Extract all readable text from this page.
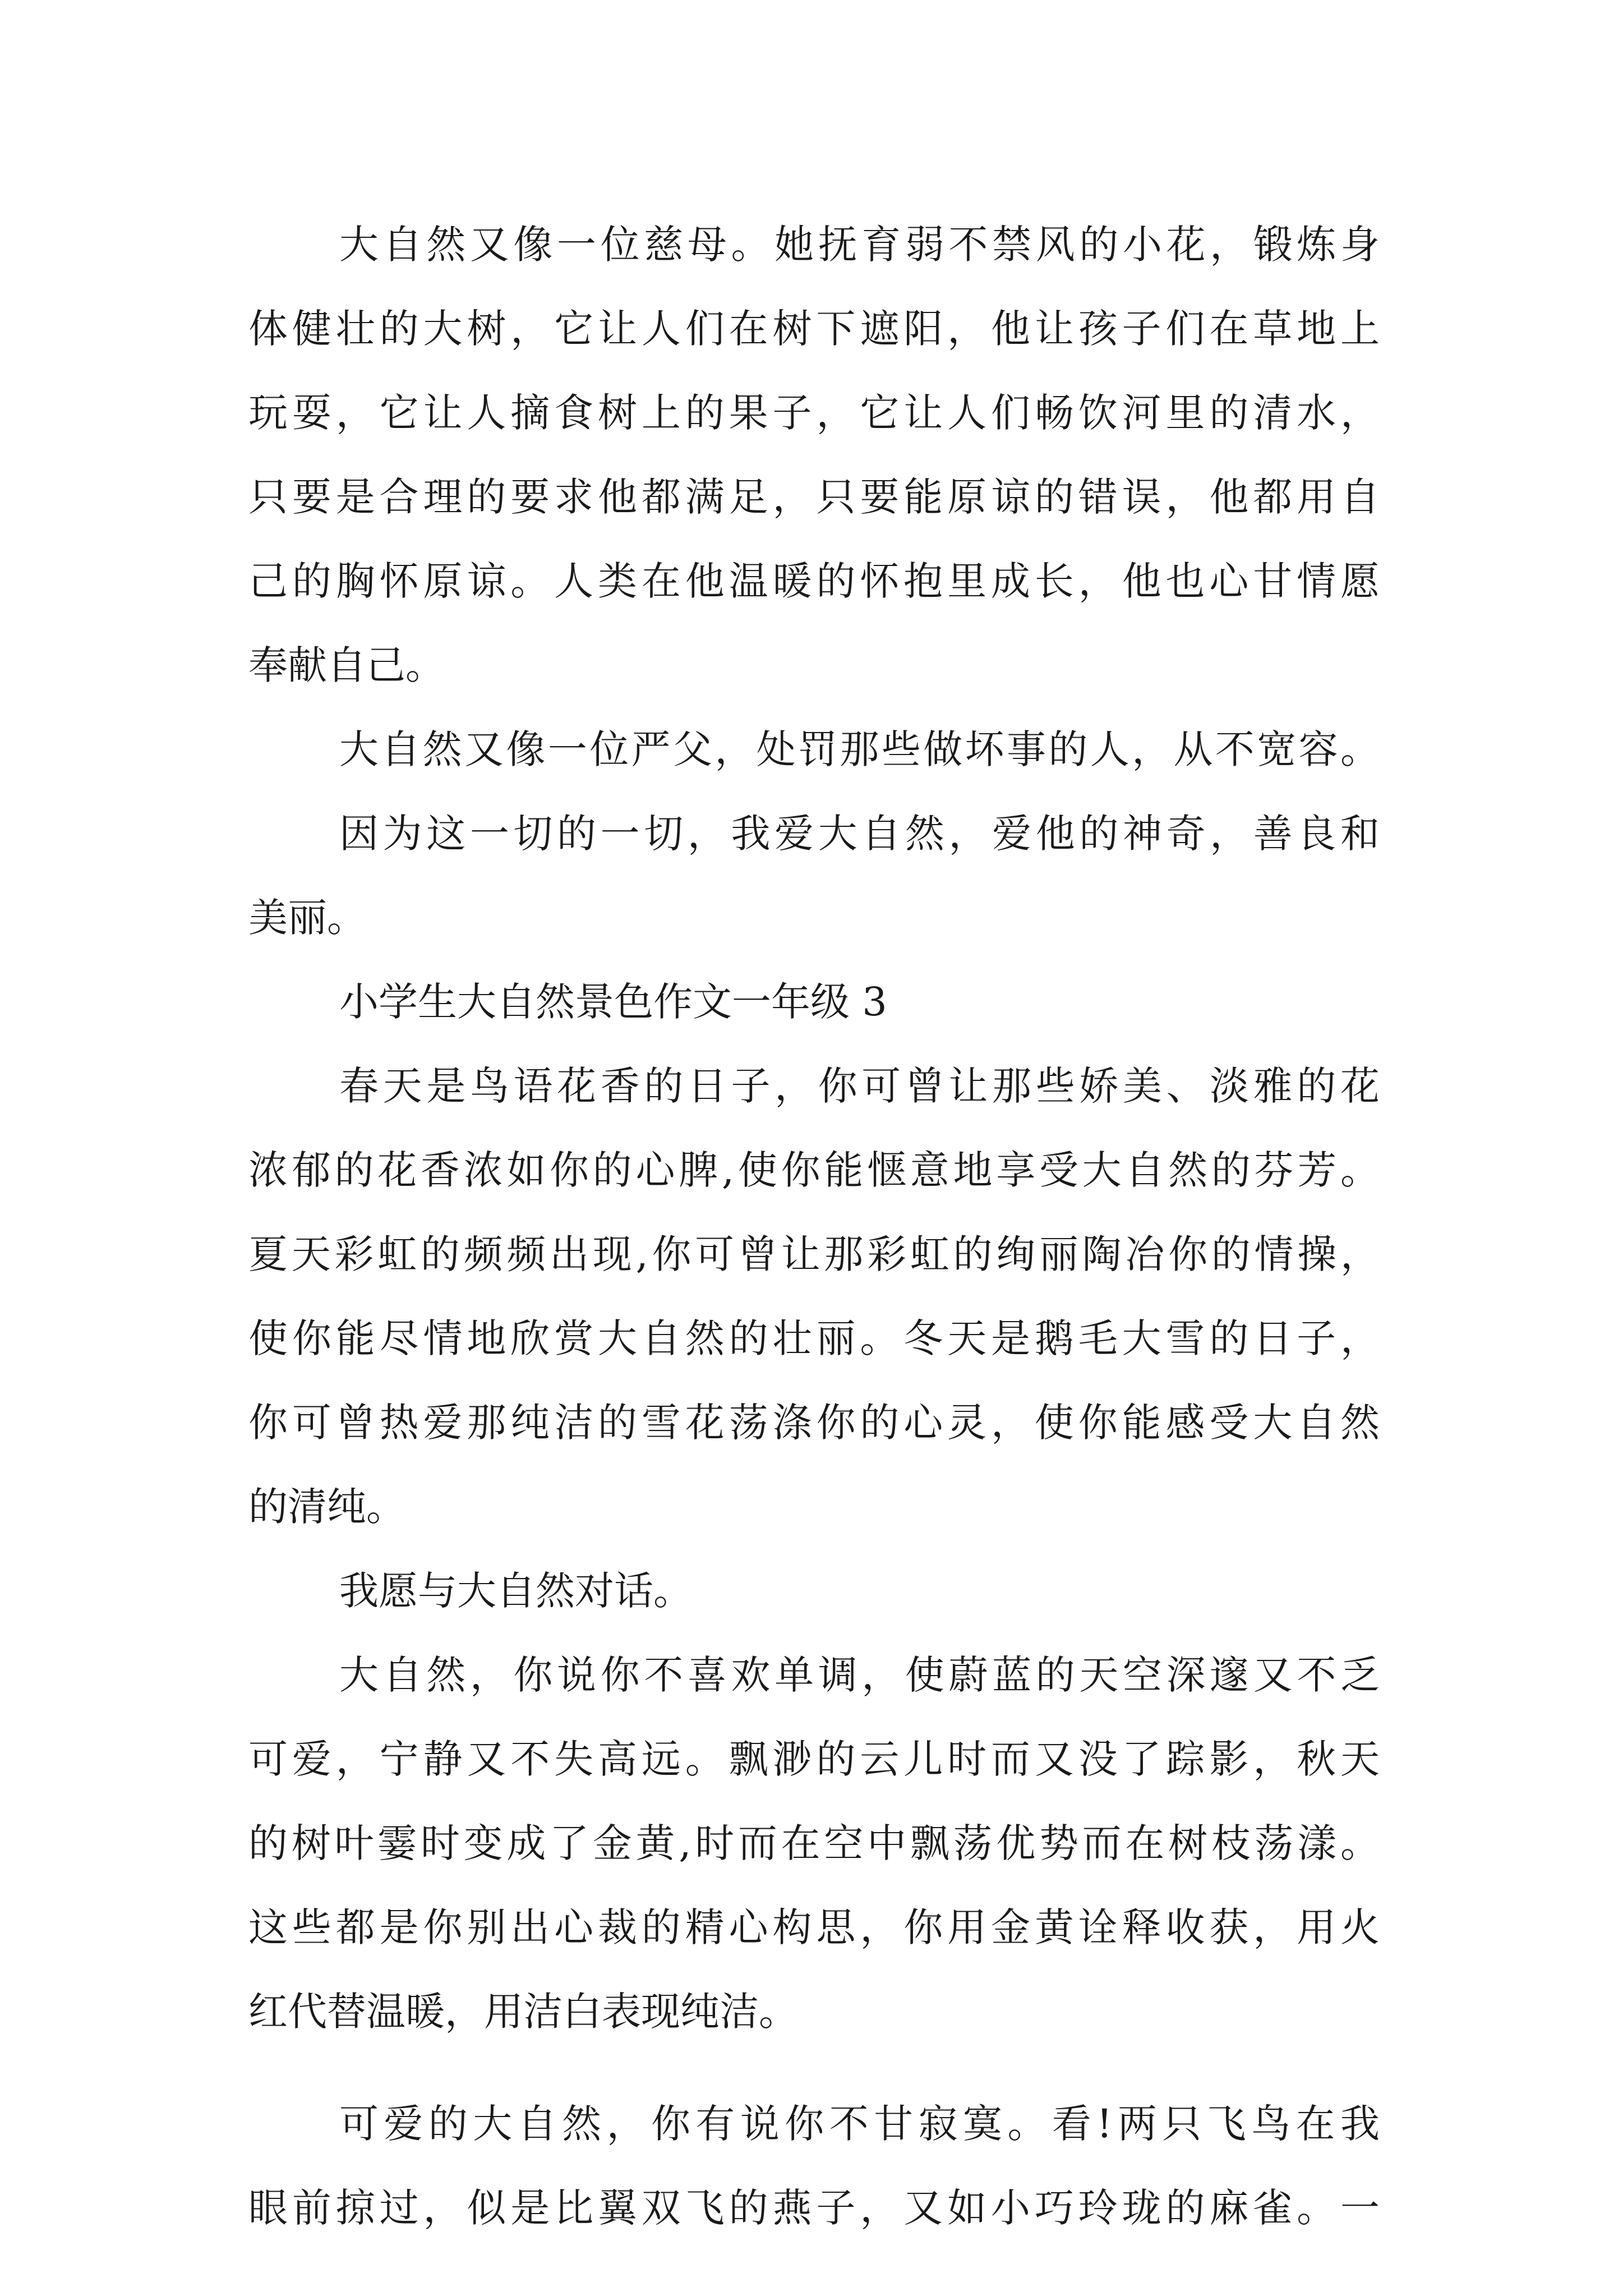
大自然又像一位慈母。她抚育弱不禁风的小花，锻炼身

体健壮的大树，它让人们在树下遮阳，他让孩子们在草地上

玩耍，它让人摘食树上的果子，它让人们畅饮河里的清水，

只要是合理的要求他都满足，只要能原谅的错误，他都用自

己的胸怀原谅。人类在他温暖的怀抱里成长，他也心甘情愿

奉献自己。

大自然又像一位严父，处罚那些做坏事的人，从不宽容。

因为这一切的一切，我爱大自然，爱他的神奇，善良和

美丽。

小学生大自然景色作文一年级 3

春天是鸟语花香的日子，你可曾让那些娇美、淡雅的花

浓郁的花香浓如你的心脾,使你能惬意地享受大自然的芬芳。

夏天彩虹的频频出现,你可曾让那彩虹的绚丽陶冶你的情操，

使你能尽情地欣赏大自然的壮丽。冬天是鹅毛大雪的日子，

你可曾热爱那纯洁的雪花荡涤你的心灵，使你能感受大自然

的清纯。

我愿与大自然对话。

大自然，你说你不喜欢单调，使蔚蓝的天空深邃又不乏

可爱，宁静又不失高远。飘渺的云儿时而又没了踪影，秋天

的树叶霎时变成了金黄,时而在空中飘荡优势而在树枝荡漾。

这些都是你别出心裁的精心构思，你用金黄诠释收获，用火

红代替温暖，用洁白表现纯洁。

可爱的大自然，你有说你不甘寂寞。看!两只飞鸟在我

眼前掠过，似是比翼双飞的燕子，又如小巧玲珑的麻雀。一
